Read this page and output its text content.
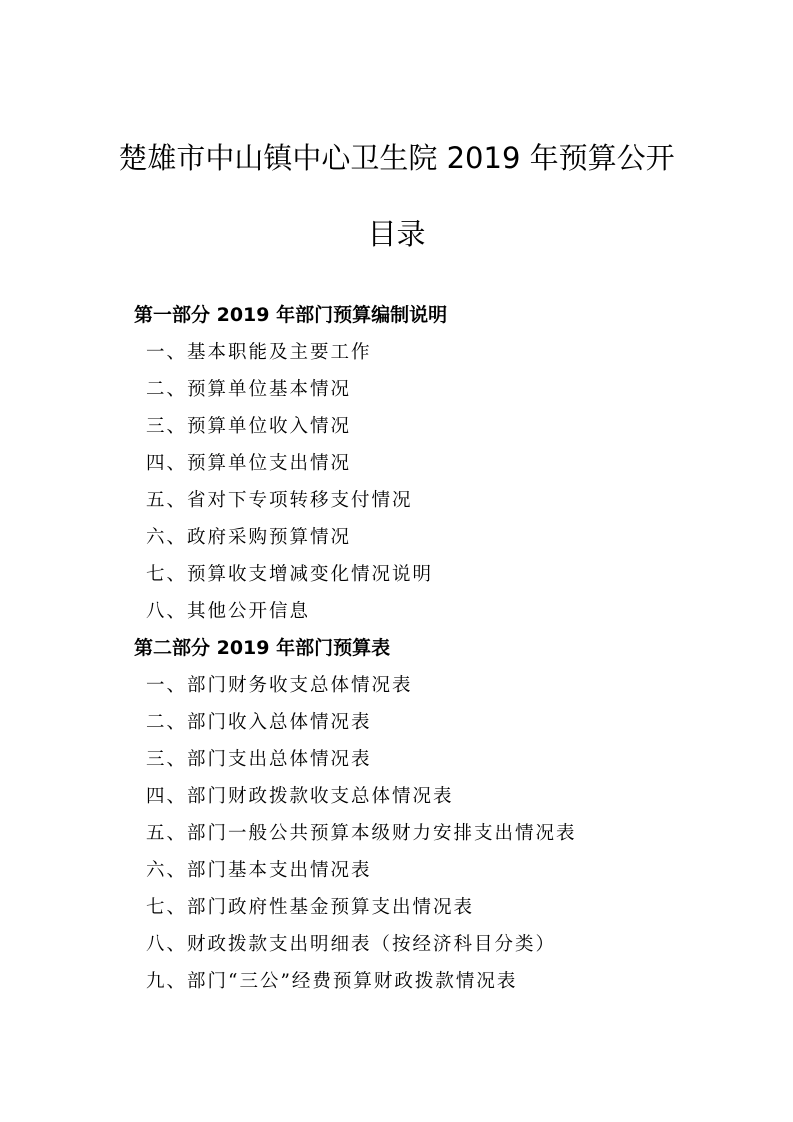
楚雄市中山镇中心卫生院 2019 年预算公开
目录
第一部分 2019 年部门预算编制说明
一、基本职能及主要工作
二、预算单位基本情况
三、预算单位收入情况
四、预算单位支出情况
五、省对下专项转移支付情况
六、政府采购预算情况
七、预算收支增减变化情况说明
八、其他公开信息
第二部分 2019 年部门预算表
一、部门财务收支总体情况表
二、部门收入总体情况表
三、部门支出总体情况表
四、部门财政拨款收支总体情况表
五、部门一般公共预算本级财力安排支出情况表
六、部门基本支出情况表
七、部门政府性基金预算支出情况表
八、财政拨款支出明细表（按经济科目分类）
九、部门“三公”经费预算财政拨款情况表
